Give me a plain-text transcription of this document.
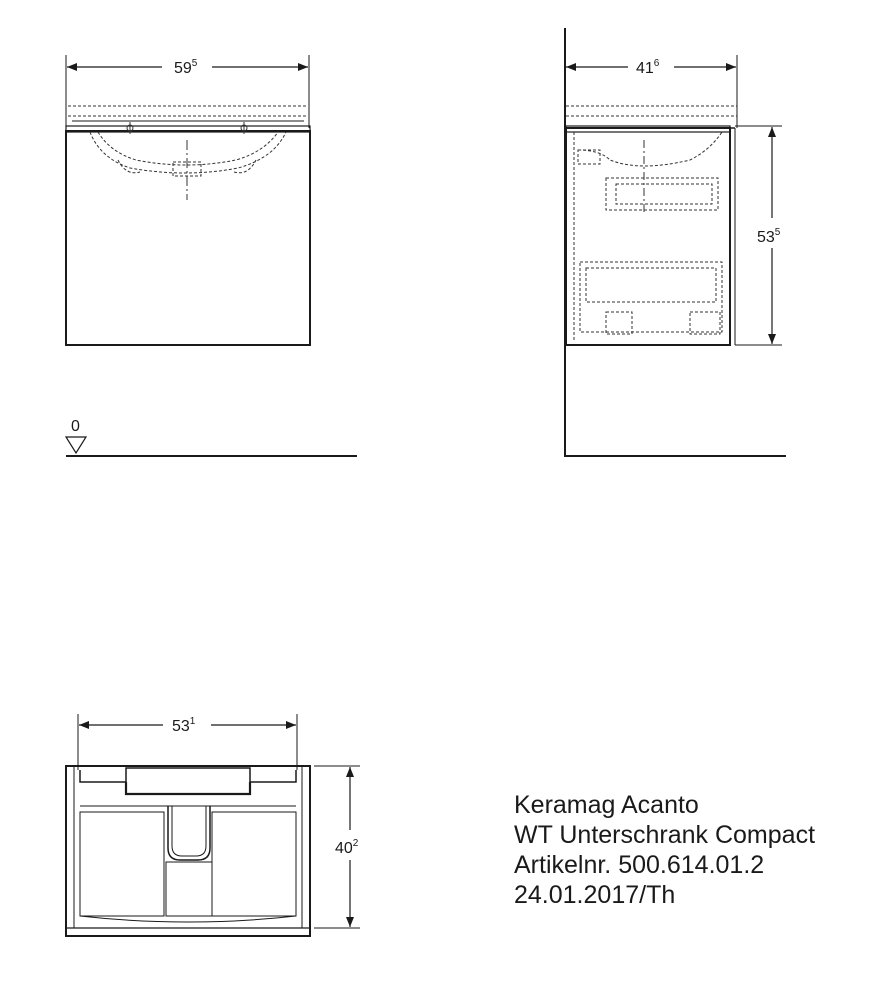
$59^5$
0
$41^6$
$53^5$
$53^1$
$40^2$
Keramag Acanto
WT Unterschrank Compact
Artikelnr. 500.614.01.2
24.01.2017/Th
